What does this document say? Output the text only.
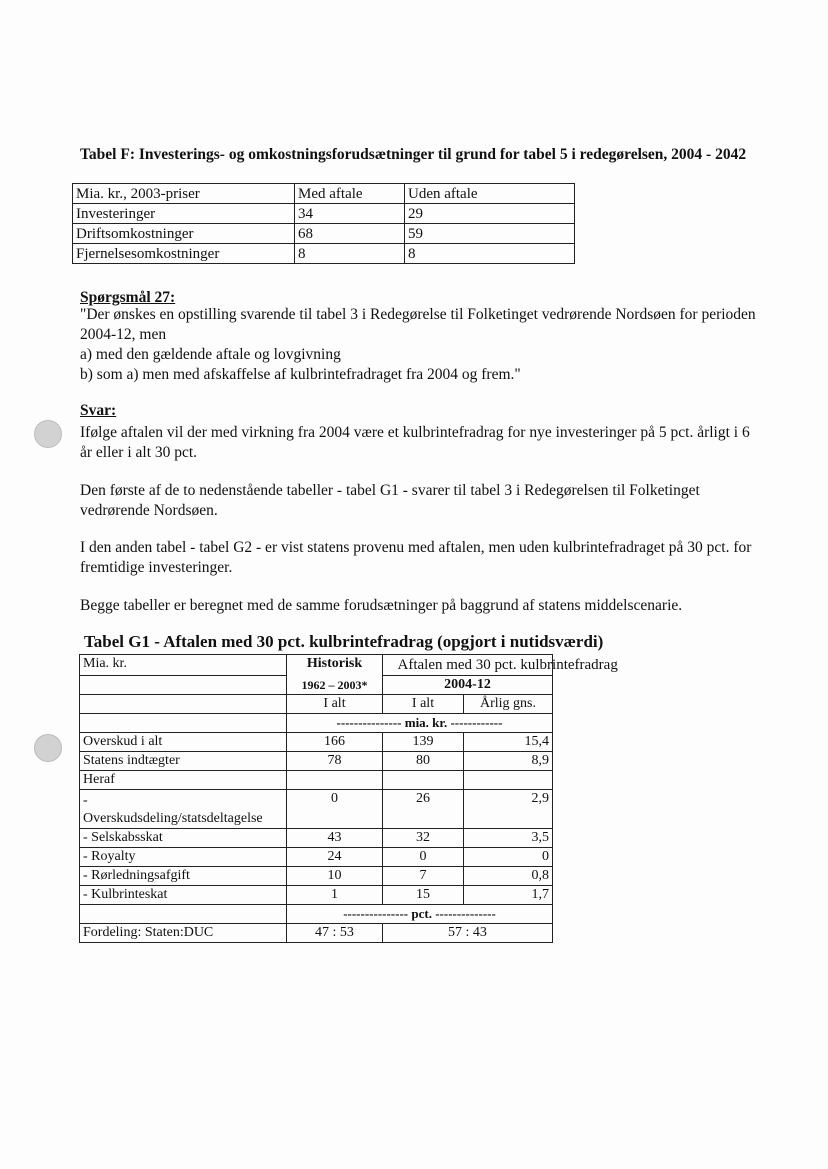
Tabel F: Investerings- og omkostningsforudsætninger til grund for tabel 5 i redegørelsen, 2004 - 2042
Mia. kr., 2003-priser	Med aftale	Uden aftale
Investeringer	34	29
Driftsomkostninger	68	59
Fjernelsesomkostninger	8	8
Spørgsmål 27:
"Der ønskes en opstilling svarende til tabel 3 i Redegørelse til Folketinget vedrørende Nordsøen for perioden 2004-12, men
a) med den gældende aftale og lovgivning
b) som a) men med afskaffelse af kulbrintefradraget fra 2004 og frem."
Svar:
Ifølge aftalen vil der med virkning fra 2004 være et kulbrintefradrag for nye investeringer på 5 pct. årligt i 6 år eller i alt 30 pct.
Den første af de to nedenstående tabeller - tabel G1 - svarer til tabel 3 i Redegørelsen til Folketinget vedrørende Nordsøen.
I den anden tabel - tabel G2 - er vist statens provenu med aftalen, men uden kulbrintefradraget på 30 pct. for fremtidige investeringer.
Begge tabeller er beregnet med de samme forudsætninger på baggrund af statens middelscenarie.
Tabel G1 - Aftalen med 30 pct. kulbrintefradrag (opgjort i nutidsværdi)
Mia. kr.	Historisk	Aftalen med 30 pct. kulbrintefradrag	

	1962 – 2003*	2004-12	
	I alt	I alt	Årlig gns.
	--------------- mia. kr. ------------		
Overskud i alt	166	139	15,4
Statens indtægter	78	80	8,9
Heraf			
-
Overskudsdeling/statsdeltagelse	0	26	2,9
- Selskabsskat	43	32	3,5
- Royalty	24	0	0
- Rørledningsafgift	10	7	0,8
- Kulbrinteskat	1	15	1,7
	--------------- pct. --------------		
Fordeling: Staten:DUC	47 : 53	57 : 43	
